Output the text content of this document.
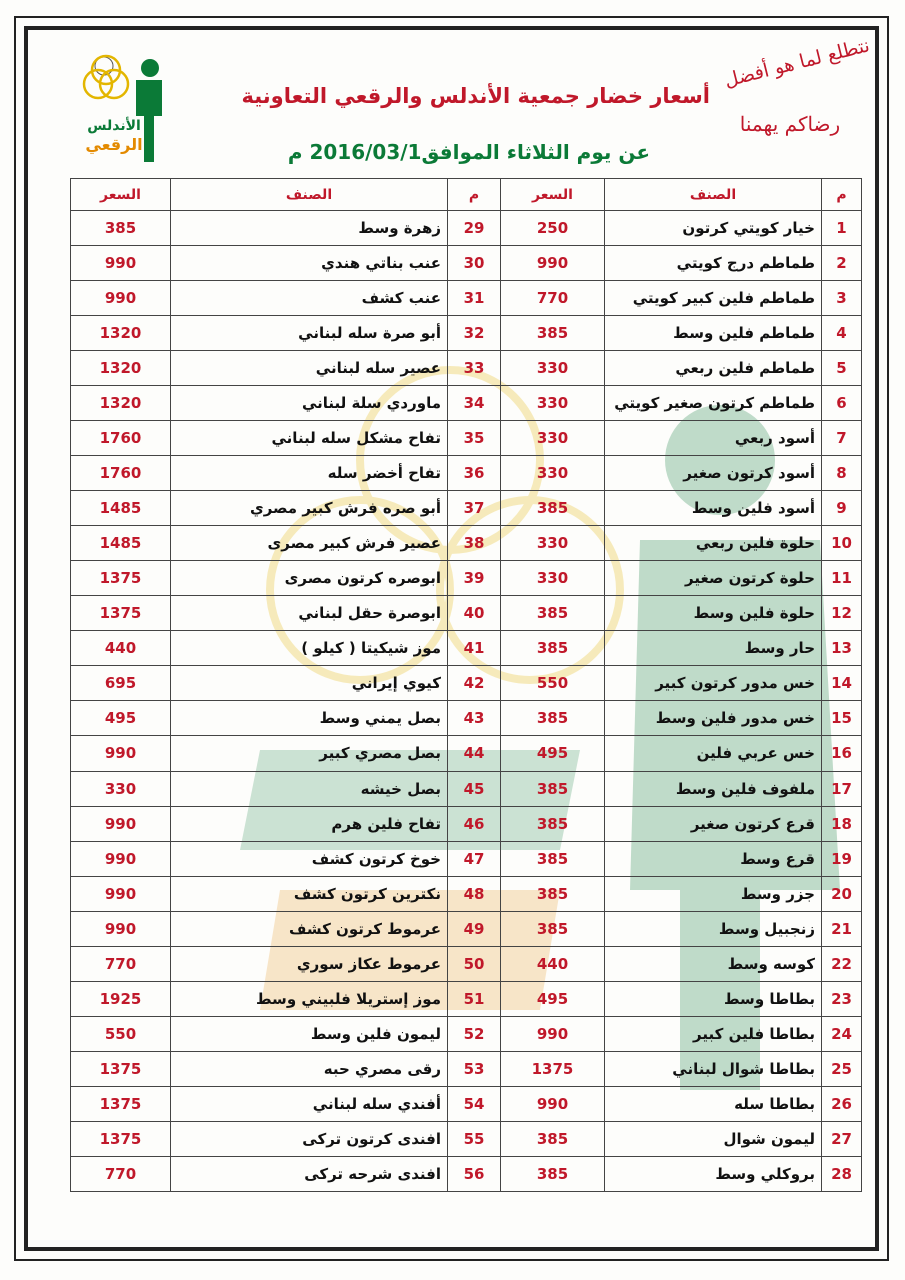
الأندلس
الرقعي
أسعار خضار جمعية الأندلس والرقعي التعاونية
عن يوم الثلاثاء الموافق2016/03/1 م
نتطلع لما هو أفضل
رضاكم يهمنا
م	الصنف	السعر	م	الصنف	السعر
1	خيار كويتي كرتون	250	29	زهرة وسط	385
2	طماطم درج كويتي	990	30	عنب بناتي هندي	990
3	طماطم فلين كبير كويتي	770	31	عنب كشف	990
4	طماطم فلين وسط	385	32	أبو صرة سله لبناني	1320
5	طماطم فلين ربعي	330	33	عصير سله لبناني	1320
6	طماطم كرتون صغير كويتي	330	34	ماوردي سلة لبناني	1320
7	أسود ربعي	330	35	تفاح مشكل سله لبناني	1760
8	أسود كرتون صغير	330	36	تفاح أخضر سله	1760
9	أسود فلين وسط	385	37	أبو صره فرش كبير مصري	1485
10	حلوة فلين ربعي	330	38	عصير فرش كبير مصرى	1485
11	حلوة كرتون صغير	330	39	ابوصره كرتون مصرى	1375
12	حلوة فلين وسط	385	40	ابوصرة حقل لبناني	1375
13	حار وسط	385	41	موز شيكيتا ( كيلو )	440
14	خس مدور كرتون كبير	550	42	كيوي إيراني	695
15	خس مدور فلين وسط	385	43	بصل يمني وسط	495
16	خس عربي فلين	495	44	بصل مصري كبير	990
17	ملفوف فلين وسط	385	45	بصل خيشه	330
18	قرع كرتون صغير	385	46	تفاح فلين هرم	990
19	قرع وسط	385	47	خوخ كرتون كشف	990
20	جزر وسط	385	48	نكترين كرتون كشف	990
21	زنجبيل وسط	385	49	عرموط كرتون كشف	990
22	كوسه وسط	440	50	عرموط عكاز سوري	770
23	بطاطا وسط	495	51	موز إستريلا فلبيني وسط	1925
24	بطاطا فلين كبير	990	52	ليمون فلين وسط	550
25	بطاطا شوال لبناني	1375	53	رقى مصري حبه	1375
26	بطاطا سله	990	54	أفندي سله لبناني	1375
27	ليمون شوال	385	55	افندى كرتون تركى	1375
28	بروكلي وسط	385	56	افندى شرحه تركى	770
